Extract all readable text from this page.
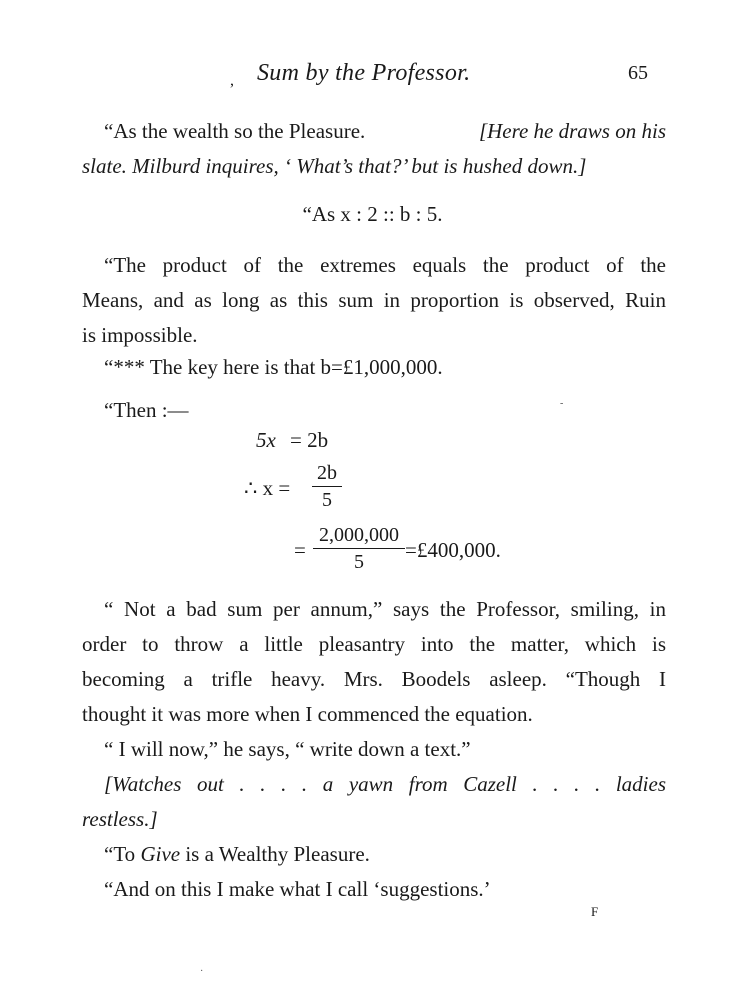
, Sum by the Professor.	65
“As the wealth so the Pleasure.	[Here he draws on his
slate. Milburd inquires, ‘ What’s that?’ but is hushed down.]
“As x : 2 :: b : 5.
“The product of the extremes equals the product of the
Means, and as long as this sum in proportion is observed, Ruin
is impossible.
“*** The key here is that b=£1,000,000.
“Then :—
5x = 2b
∴ x =
2b
5
=
2,000,000
5	=£400,000.
“ Not a bad sum per annum,” says the Professor, smiling, in
order to throw a little pleasantry into the matter, which is
becoming a trifle heavy. Mrs. Boodels asleep. “Though I
thought it was more when I commenced the equation.
“ I will now,” he says, “ write down a text.”
[Watches out . . . . a yawn from Cazell . . . . ladies
restless.]
“To Give is a Wealthy Pleasure.
“And on this I make what I call ‘suggestions.’
F
-
·
